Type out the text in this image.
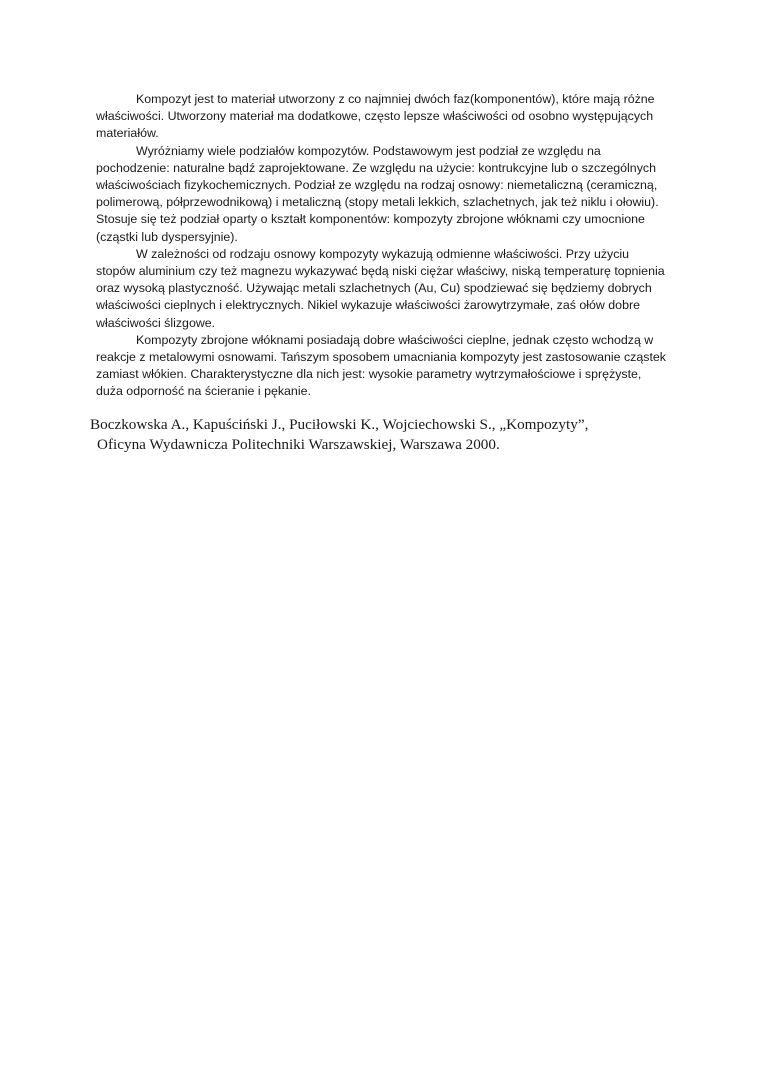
Kompozyt jest to materiał utworzony z co najmniej dwóch faz(komponentów), które mają różne właściwości. Utworzony materiał ma dodatkowe, często lepsze właściwości od osobno występujących materiałów.

Wyróżniamy wiele podziałów kompozytów. Podstawowym jest podział ze względu na pochodzenie: naturalne bądź zaprojektowane. Ze względu na użycie: kontrukcyjne lub o szczególnych właściwościach fizykochemicznych. Podział ze względu na rodzaj osnowy: niemetaliczną (ceramiczną, polimerową, półprzewodnikową) i metaliczną (stopy metali lekkich, szlachetnych, jak też niklu i ołowiu). Stosuje się też podział oparty o kształt komponentów: kompozyty zbrojone włóknami czy umocnione (cząstki lub dyspersyjnie).

W zależności od rodzaju osnowy kompozyty wykazują odmienne właściwości. Przy użyciu stopów aluminium czy też magnezu wykazywać będą niski ciężar właściwy, niską temperaturę topnienia oraz wysoką plastyczność. Używając metali szlachetnych (Au, Cu) spodziewać się będziemy dobrych właściwości cieplnych i elektrycznych. Nikiel wykazuje właściwości żarowytrzymałe, zaś ołów dobre właściwości ślizgowe.

Kompozyty zbrojone włóknami posiadają dobre właściwości cieplne, jednak często wchodzą w reakcje z metalowymi osnowami. Tańszym sposobem umacniania kompozyty jest zastosowanie cząstek zamiast włókien. Charakterystyczne dla nich jest: wysokie parametry wytrzymałościowe i sprężyste, duża odporność na ścieranie i pękanie.

Boczkowska A., Kapuściński J., Puciłowski K., Wojciechowski S., „Kompozyty”,
Oficyna Wydawnicza Politechniki Warszawskiej, Warszawa 2000.
